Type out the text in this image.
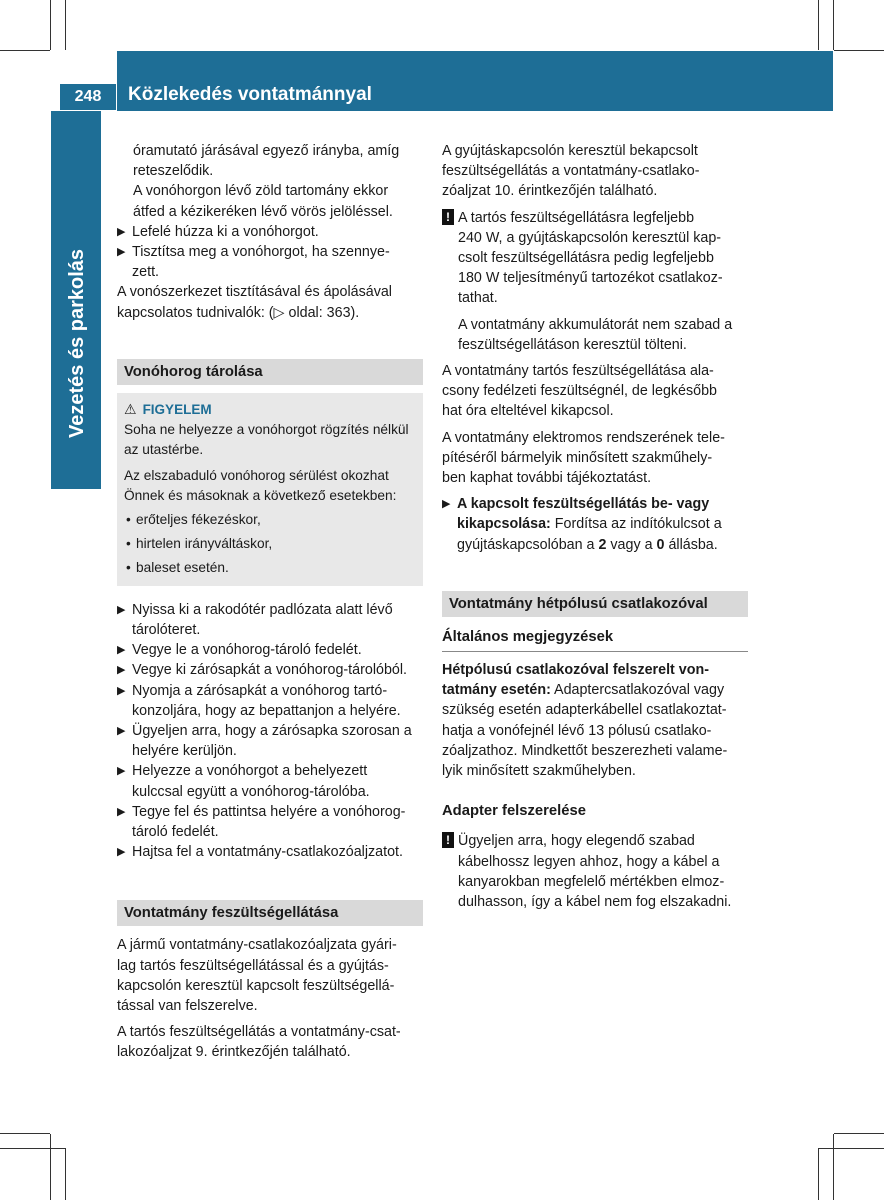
248	Közlekedés vontatmánnyal
Vezetés és parkolás

óramutató járásával egyező irányba, amíg

reteszelődik.

A vonóhorgon lévő zöld tartomány ekkor

átfed a kézikeréken lévő vörös jelöléssel.

▶ Lefelé húzza ki a vonóhorgot.

▶ Tisztítsa meg a vonóhorgot, ha szennye-

zett.

A vonószerkezet tisztításával és ápolásával

kapcsolatos tudnivalók: (▷ oldal: 363).

Vonóhorog tárolása
⚠ FIGYELEM

Soha ne helyezze a vonóhorgot rögzítés nélkül

az utastérbe.

Az elszabaduló vonóhorog sérülést okozhat

Önnek és másoknak a következő esetekben:

• erőteljes fékezéskor,
• hirtelen irányváltáskor,
• baleset esetén.
▶ Nyissa ki a rakodótér padlózata alatt lévő

tárolóteret.

▶ Vegye le a vonóhorog-tároló fedelét.

▶ Vegye ki zárósapkát a vonóhorog-tárolóból.

▶ Nyomja a zárósapkát a vonóhorog tartó-

konzoljára, hogy az bepattanjon a helyére.

▶ Ügyeljen arra, hogy a zárósapka szorosan a

helyére kerüljön.

▶ Helyezze a vonóhorgot a behelyezett

kulccsal együtt a vonóhorog-tárolóba.

▶ Tegye fel és pattintsa helyére a vonóhorog-

tároló fedelét.

▶ Hajtsa fel a vontatmány-csatlakozóaljzatot.

Vontatmány feszültségellátása

A jármű vontatmány-csatlakozóaljzata gyári-

lag tartós feszültségellátással és a gyújtás-

kapcsolón keresztül kapcsolt feszültségellá-

tással van felszerelve.

A tartós feszültségellátás a vontatmány-csat-

lakozóaljzat 9. érintkezőjén található.

A gyújtáskapcsolón keresztül bekapcsolt

feszültségellátás a vontatmány-csatlako-

zóaljzat 10. érintkezőjén található.

! A tartós feszültségellátásra legfeljebb

240 W, a gyújtáskapcsolón keresztül kap-

csolt feszültségellátásra pedig legfeljebb

180 W teljesítményű tartozékot csatlakoz-

tathat.

A vontatmány akkumulátorát nem szabad a

feszültségellátáson keresztül tölteni.

A vontatmány tartós feszültségellátása ala-

csony fedélzeti feszültségnél, de legkésőbb

hat óra elteltével kikapcsol.

A vontatmány elektromos rendszerének tele-

pítéséről bármelyik minősített szakműhely-

ben kaphat további tájékoztatást.

▶ A kapcsolt feszültségellátás be- vagy

kikapcsolása: Fordítsa az indítókulcsot a

gyújtáskapcsolóban a 2 vagy a 0 állásba.

Vontatmány hétpólusú csatlakozóval
Általános megjegyzések

Hétpólusú csatlakozóval felszerelt von-

tatmány esetén: Adaptercsatlakozóval vagy

szükség esetén adapterkábellel csatlakoztat-

hatja a vonófejnél lévő 13 pólusú csatlako-

zóaljzathoz. Mindkettőt beszerezheti valame-

lyik minősített szakműhelyben.

Adapter felszerelése
! Ügyeljen arra, hogy elegendő szabad

kábelhossz legyen ahhoz, hogy a kábel a

kanyarokban megfelelő mértékben elmoz-

dulhasson, így a kábel nem fog elszakadni.
